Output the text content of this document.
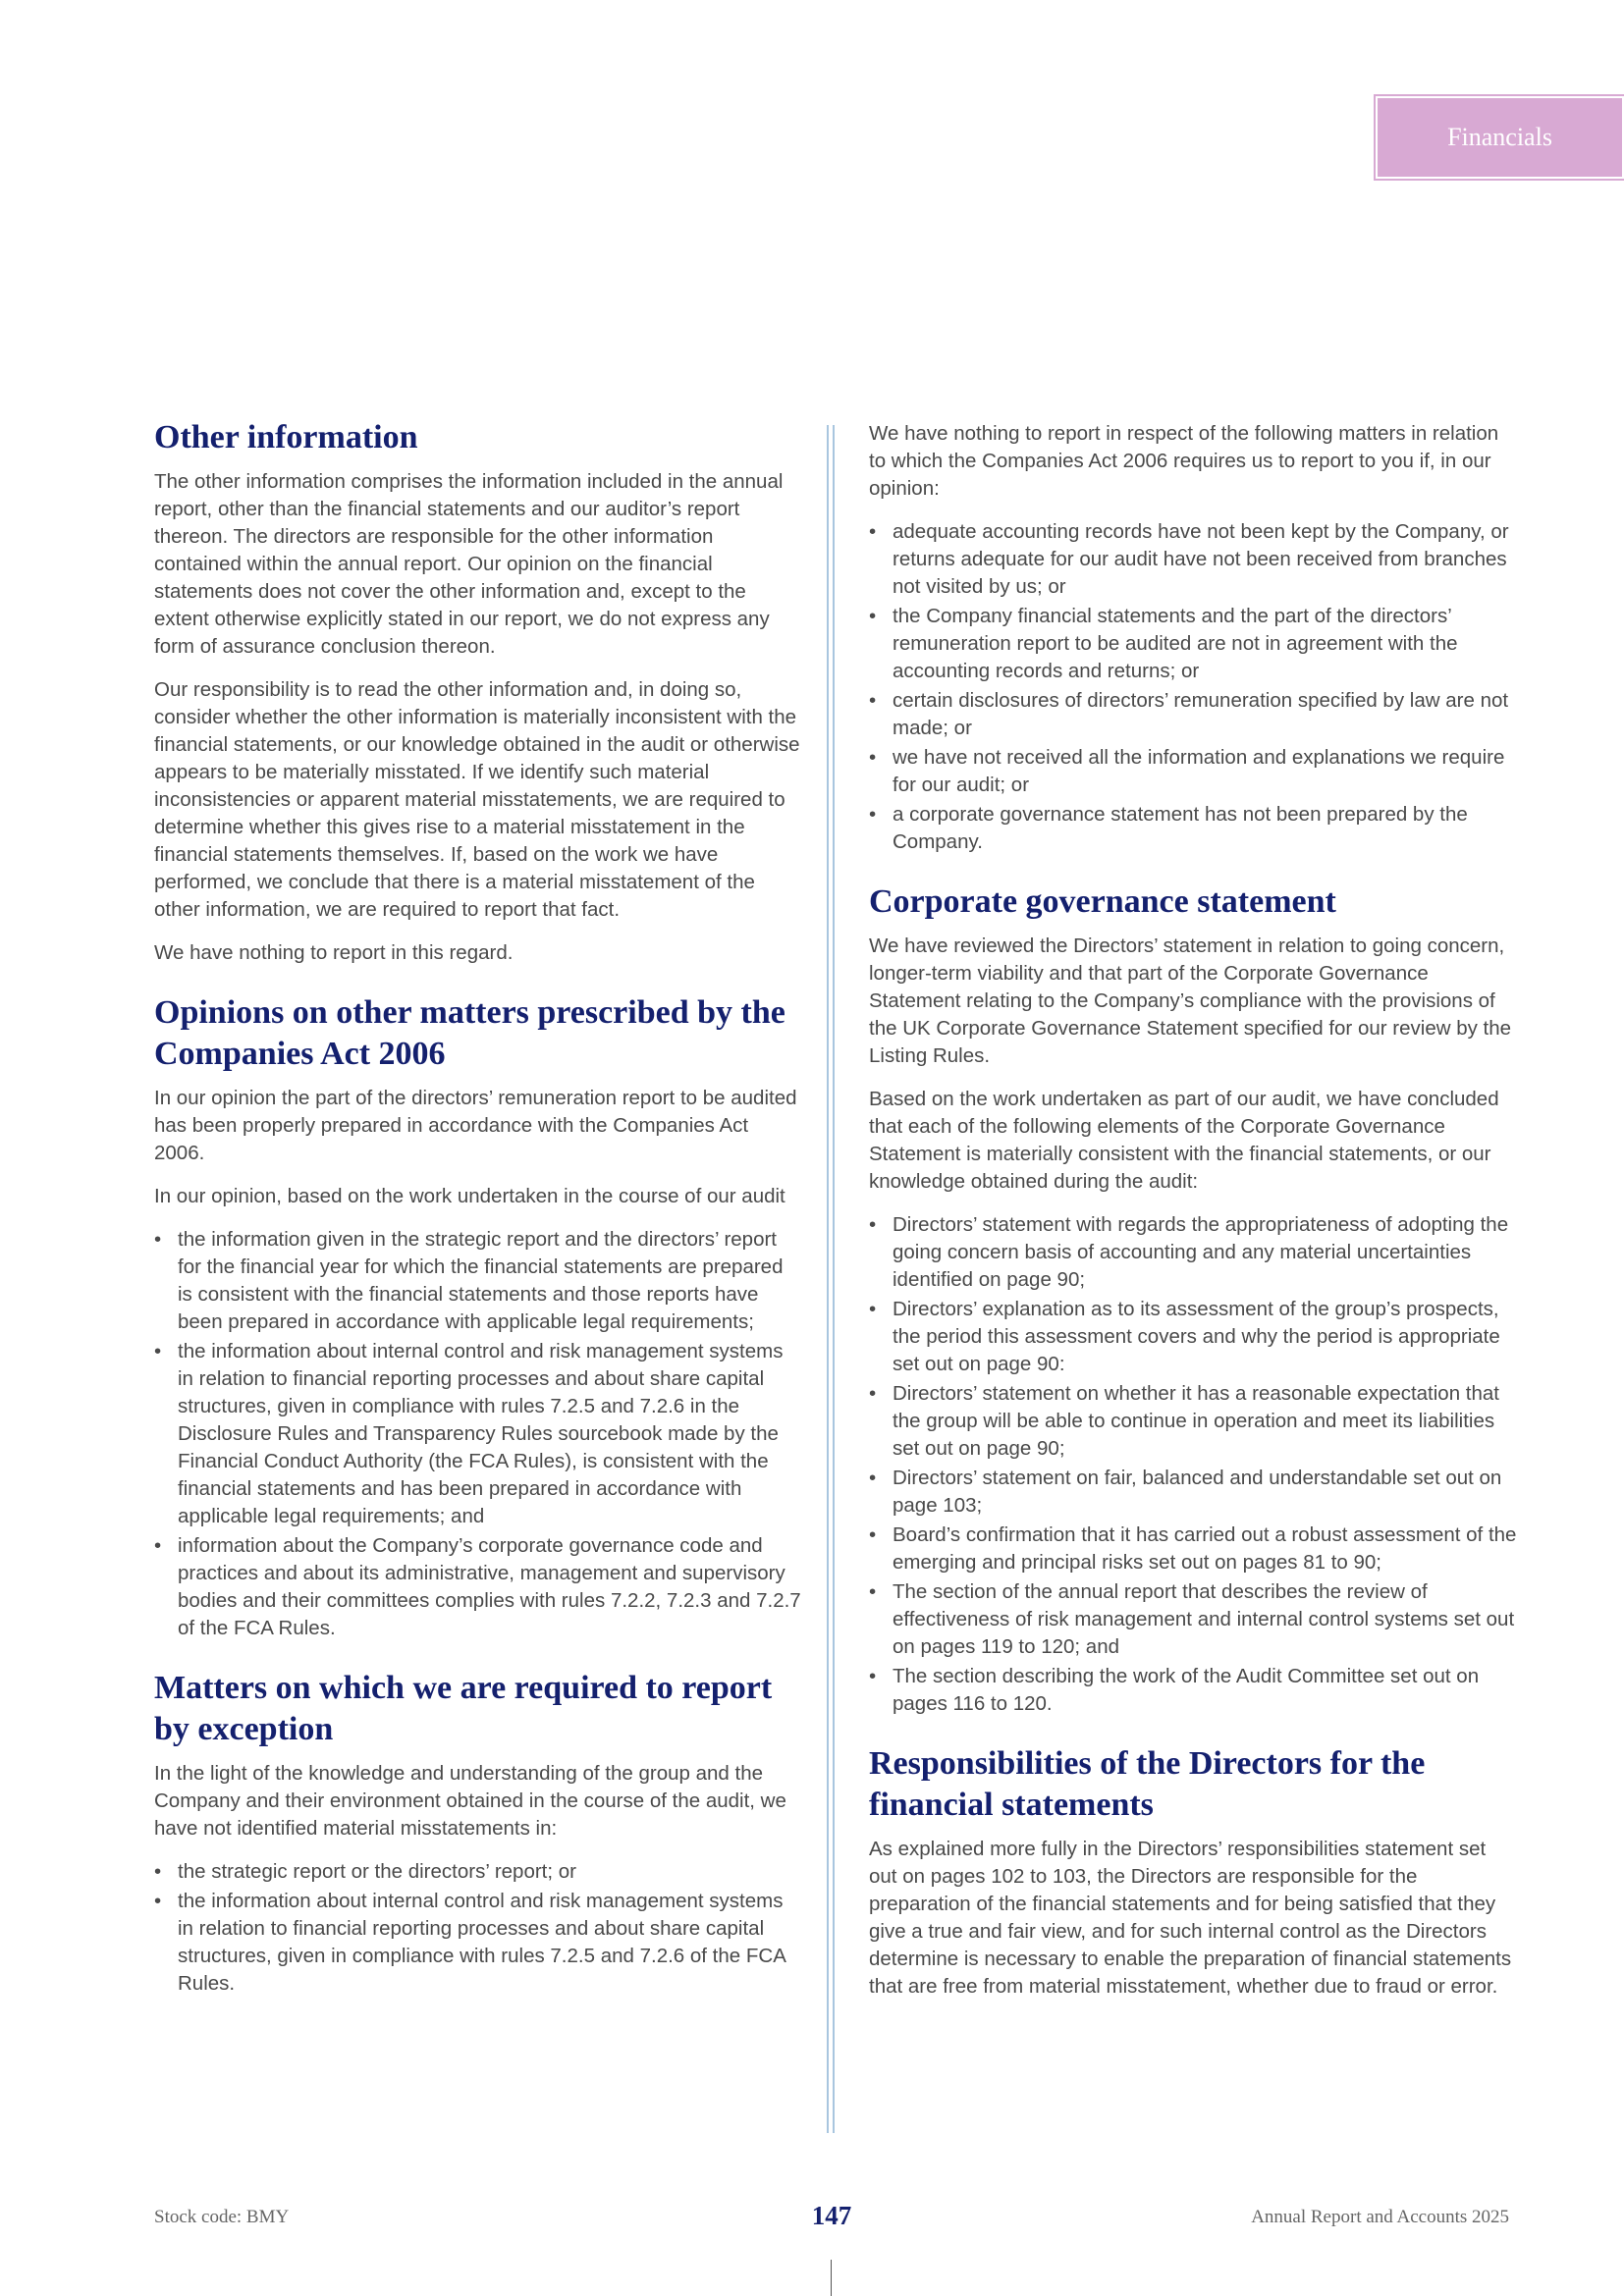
Financials
Other information

The other information comprises the information included in the annual report, other than the financial statements and our auditor’s report thereon. The directors are responsible for the other information contained within the annual report. Our opinion on the financial statements does not cover the other information and, except to the extent otherwise explicitly stated in our report, we do not express any form of assurance conclusion thereon.

Our responsibility is to read the other information and, in doing so, consider whether the other information is materially inconsistent with the financial statements, or our knowledge obtained in the audit or otherwise appears to be materially misstated. If we identify such material inconsistencies or apparent material misstatements, we are required to determine whether this gives rise to a material misstatement in the financial statements themselves. If, based on the work we have performed, we conclude that there is a material misstatement of the other information, we are required to report that fact.

We have nothing to report in this regard.

Opinions on other matters prescribed by the Companies Act 2006

In our opinion the part of the directors’ remuneration report to be audited has been properly prepared in accordance with the Companies Act 2006.

In our opinion, based on the work undertaken in the course of our audit

• the information given in the strategic report and the directors’ report for the financial year for which the financial statements are prepared is consistent with the financial statements and those reports have been prepared in accordance with applicable legal requirements;
• the information about internal control and risk management systems in relation to financial reporting processes and about share capital structures, given in compliance with rules 7.2.5 and 7.2.6 in the Disclosure Rules and Transparency Rules sourcebook made by the Financial Conduct Authority (the FCA Rules), is consistent with the financial statements and has been prepared in accordance with applicable legal requirements; and
• information about the Company’s corporate governance code and practices and about its administrative, management and supervisory bodies and their committees complies with rules 7.2.2, 7.2.3 and 7.2.7 of the FCA Rules.
Matters on which we are required to report by exception

In the light of the knowledge and understanding of the group and the Company and their environment obtained in the course of the audit, we have not identified material misstatements in:

• the strategic report or the directors’ report; or
• the information about internal control and risk management systems in relation to financial reporting processes and about share capital structures, given in compliance with rules 7.2.5 and 7.2.6 of the FCA Rules.

We have nothing to report in respect of the following matters in relation to which the Companies Act 2006 requires us to report to you if, in our opinion:

• adequate accounting records have not been kept by the Company, or returns adequate for our audit have not been received from branches not visited by us; or
• the Company financial statements and the part of the directors’ remuneration report to be audited are not in agreement with the accounting records and returns; or
• certain disclosures of directors’ remuneration specified by law are not made; or
• we have not received all the information and explanations we require for our audit; or
• a corporate governance statement has not been prepared by the Company.
Corporate governance statement

We have reviewed the Directors’ statement in relation to going concern, longer-term viability and that part of the Corporate Governance Statement relating to the Company’s compliance with the provisions of the UK Corporate Governance Statement specified for our review by the Listing Rules.

Based on the work undertaken as part of our audit, we have concluded that each of the following elements of the Corporate Governance Statement is materially consistent with the financial statements, or our knowledge obtained during the audit:

• Directors’ statement with regards the appropriateness of adopting the going concern basis of accounting and any material uncertainties identified on page 90;
• Directors’ explanation as to its assessment of the group’s prospects, the period this assessment covers and why the period is appropriate set out on page 90:
• Directors’ statement on whether it has a reasonable expectation that the group will be able to continue in operation and meet its liabilities set out on page 90;
• Directors’ statement on fair, balanced and understandable set out on page 103;
• Board’s confirmation that it has carried out a robust assessment of the emerging and principal risks set out on pages 81 to 90;
• The section of the annual report that describes the review of effectiveness of risk management and internal control systems set out on pages 119 to 120; and
• The section describing the work of the Audit Committee set out on pages 116 to 120.
Responsibilities of the Directors for the financial statements

As explained more fully in the Directors’ responsibilities statement set out on pages 102 to 103, the Directors are responsible for the preparation of the financial statements and for being satisfied that they give a true and fair view, and for such internal control as the Directors determine is necessary to enable the preparation of financial statements that are free from material misstatement, whether due to fraud or error.

Stock code: BMY	147	Annual Report and Accounts 2025
